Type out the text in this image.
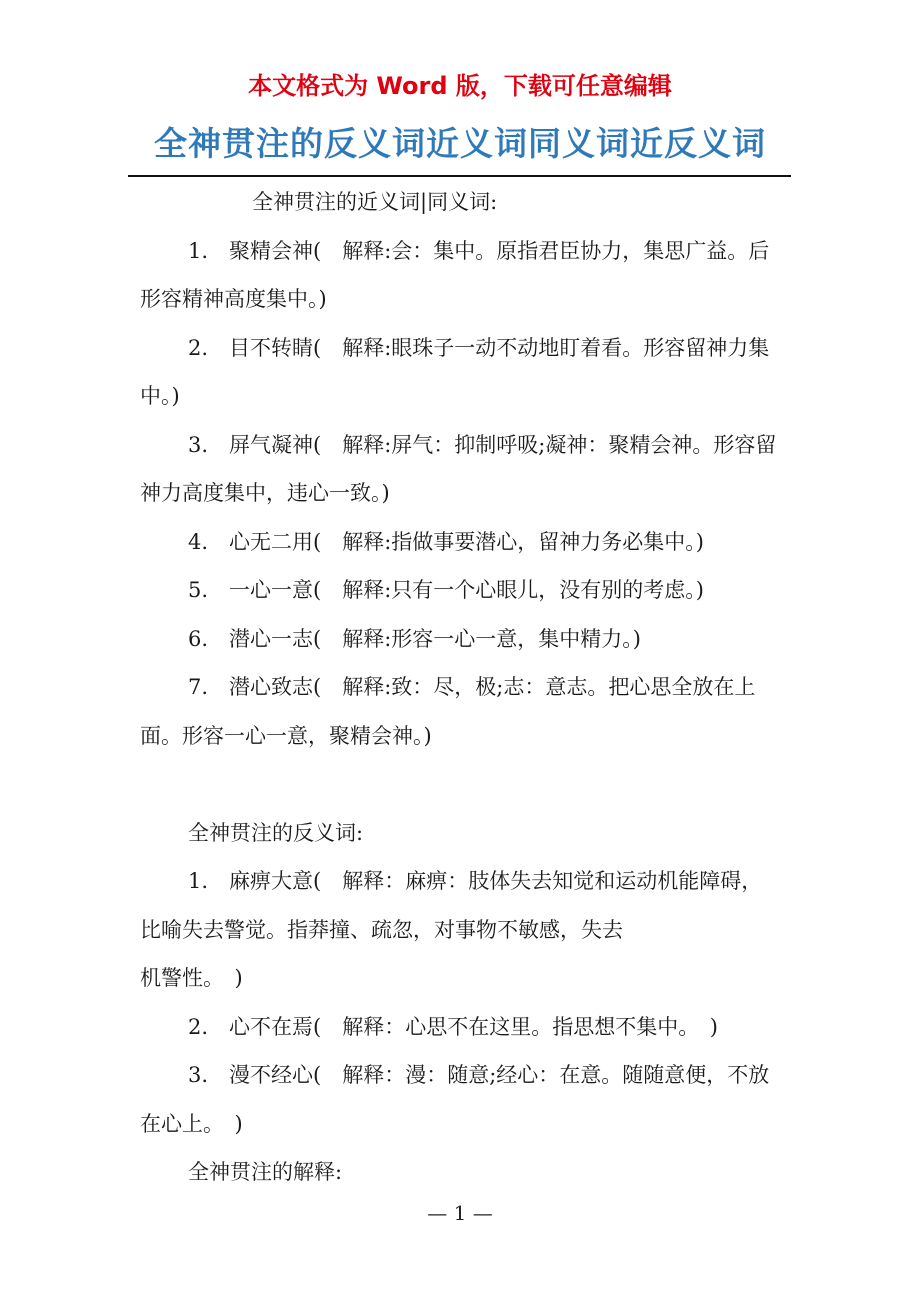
本文格式为 Word 版，下载可任意编辑
全神贯注的反义词近义词同义词近反义词

全神贯注的近义词|同义词:

1.　聚精会神(　解释:会：集中。原指君臣协力，集思广益。后形容精神高度集中。)

2.　目不转睛(　解释:眼珠子一动不动地盯着看。形容留神力集中。)

3.　屏气凝神(　解释:屏气：抑制呼吸;凝神：聚精会神。形容留神力高度集中，违心一致。)

4.　心无二用(　解释:指做事要潜心，留神力务必集中。)

5.　一心一意(　解释:只有一个心眼儿，没有别的考虑。)

6.　潜心一志(　解释:形容一心一意，集中精力。)

7.　潜心致志(　解释:致：尽，极;志：意志。把心思全放在上面。形容一心一意，聚精会神。)

全神贯注的反义词:

1.　麻痹大意(　解释：麻痹：肢体失去知觉和运动机能障碍，比喻失去警觉。指莽撞、疏忽，对事物不敏感，失去

机警性。　)

2.　心不在焉(　解释：心思不在这里。指思想不集中。　)

3.　漫不经心(　解释：漫：随意;经心：在意。随随意便，不放在心上。　)

全神贯注的解释:

— 1 —
